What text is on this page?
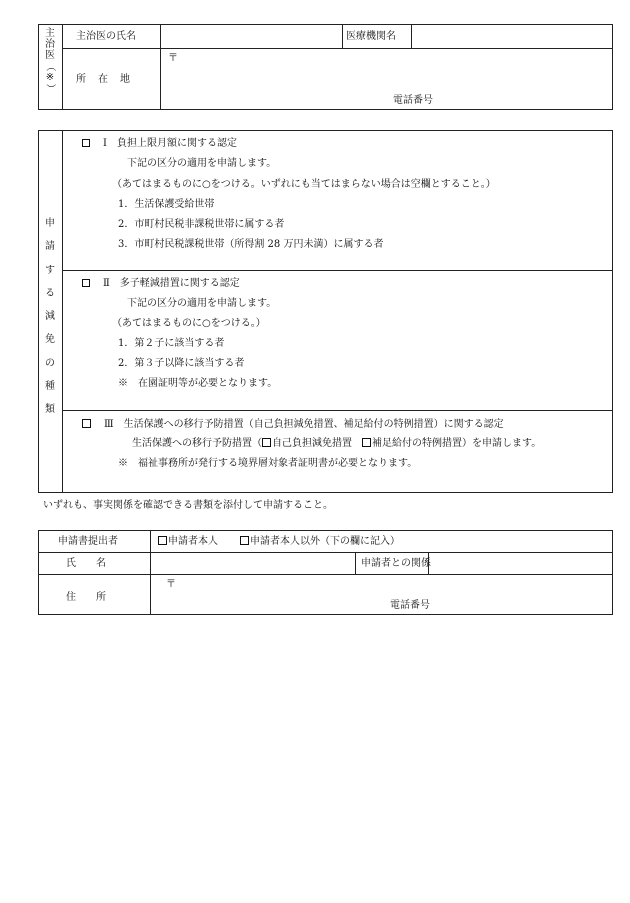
主
治
医
（
※
）
主治医の氏名	医療機関名
所　在　地
〒
電話番号
申
請
す
る
減
免
の
種
類
Ⅰ　負担上限月額に関する認定
下記の区分の適用を申請します。
（あてはまるものに○をつける。いずれにも当てはまらない場合は空欄とすること。）
1．生活保護受給世帯
2．市町村民税非課税世帯に属する者
3．市町村民税課税世帯（所得割 28 万円未満）に属する者
Ⅱ　多子軽減措置に関する認定
下記の区分の適用を申請します。
（あてはまるものに○をつける。）
1．第２子に該当する者
2．第３子以降に該当する者
※　在園証明等が必要となります。
Ⅲ　生活保護への移行予防措置（自己負担減免措置、補足給付の特例措置）に関する認定
生活保護への移行予防措置（ 自己負担減免措置 補足給付の特例措置）を申請します。
※　福祉事務所が発行する境界層対象者証明書が必要となります。
いずれも、事実関係を確認できる書類を添付して申請すること。
申請書提出者	申請者本人	申請者本人以外（下の欄に記入）
氏　　名	申請者との関係
住　　所
〒
電話番号
